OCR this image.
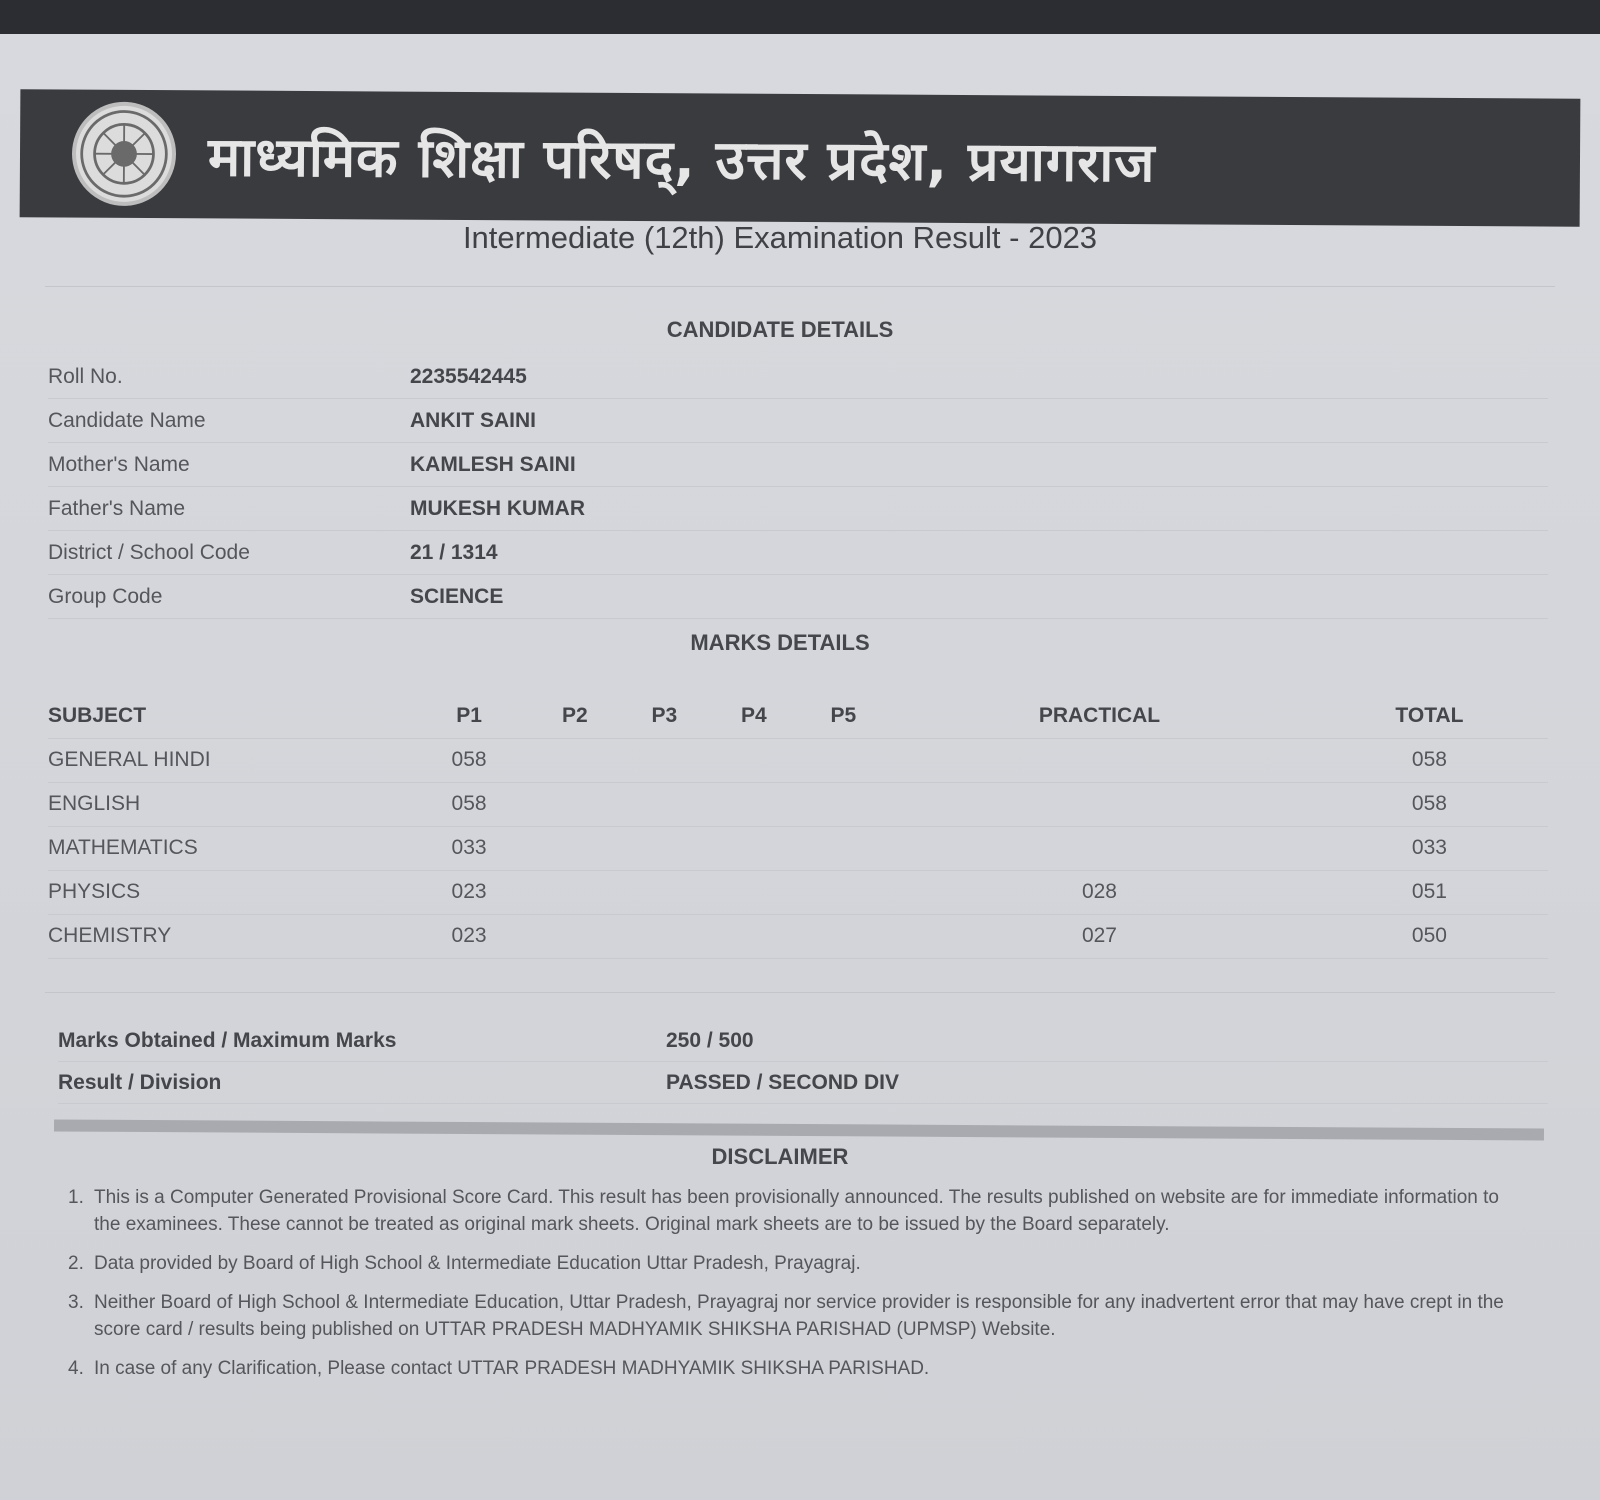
माध्यमिक शिक्षा परिषद्, उत्तर प्रदेश, प्रयागराज
Intermediate (12th) Examination Result - 2023
CANDIDATE DETAILS
Roll No.	2235542445
Candidate Name	ANKIT SAINI
Mother's Name	KAMLESH SAINI
Father's Name	MUKESH KUMAR
District / School Code	21 / 1314
Group Code	SCIENCE
MARKS DETAILS
SUBJECT	P1	P2	P3	P4	P5	PRACTICAL	TOTAL
GENERAL HINDI	058						058
ENGLISH	058						058
MATHEMATICS	033						033
PHYSICS	023					028	051
CHEMISTRY	023					027	050
Marks Obtained / Maximum Marks	250 / 500
Result / Division	PASSED / SECOND DIV
DISCLAIMER
1. This is a Computer Generated Provisional Score Card. This result has been provisionally announced. The results published on website are for immediate information to the examinees. These cannot be treated as original mark sheets. Original mark sheets are to be issued by the Board separately.
2. Data provided by Board of High School & Intermediate Education Uttar Pradesh, Prayagraj.
3. Neither Board of High School & Intermediate Education, Uttar Pradesh, Prayagraj nor service provider is responsible for any inadvertent error that may have crept in the score card / results being published on UTTAR PRADESH MADHYAMIK SHIKSHA PARISHAD (UPMSP) Website.
4. In case of any Clarification, Please contact UTTAR PRADESH MADHYAMIK SHIKSHA PARISHAD.
